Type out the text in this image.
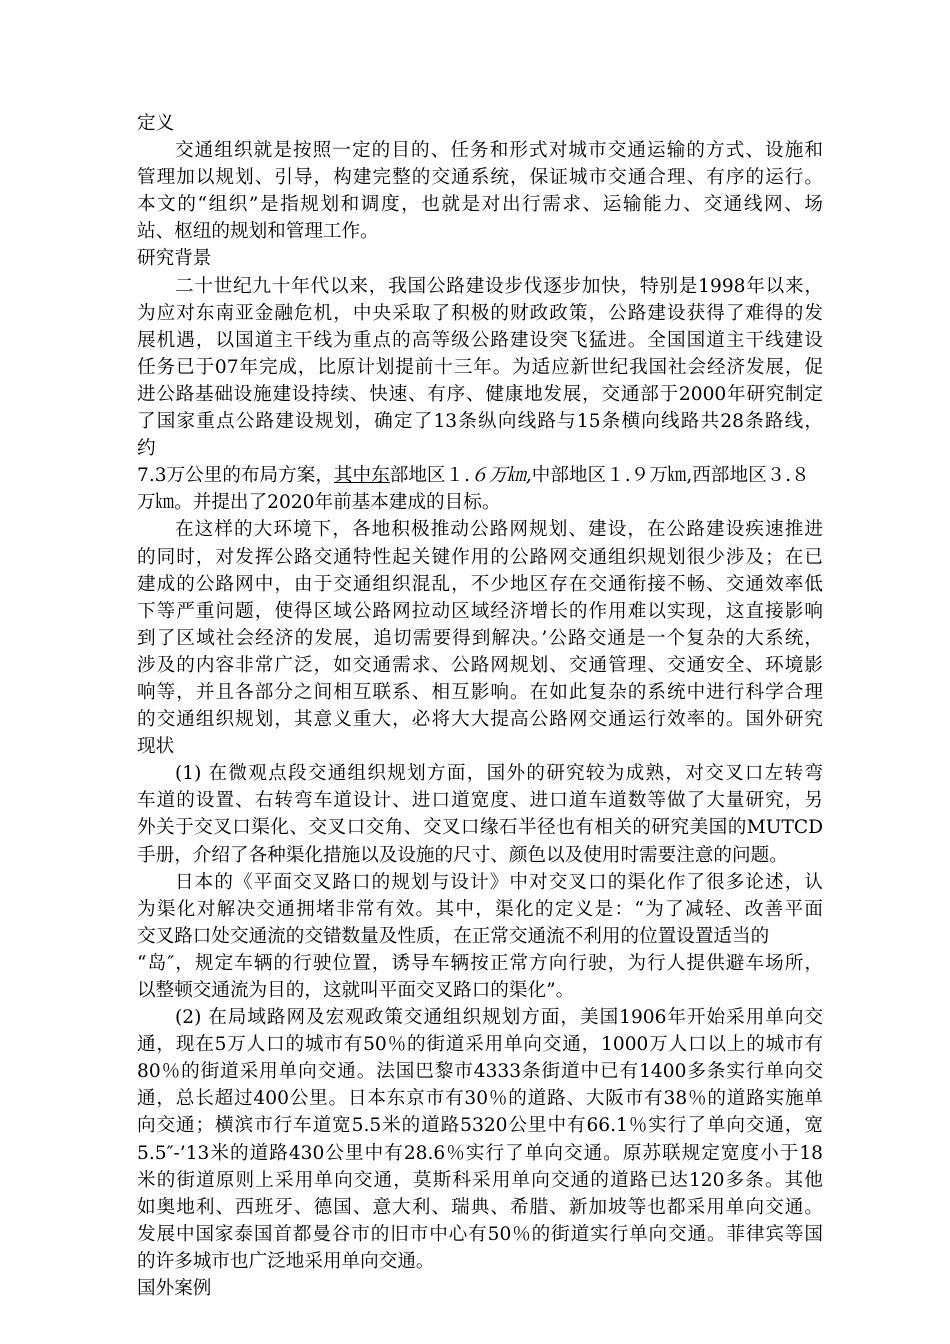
定义
交通组织就是按照一定的目的、任务和形式对城市交通运输的方式、设施和
管理加以规划、引导，构建完整的交通系统，保证城市交通合理、有序的运行。
本文的“组织”是指规划和调度，也就是对出行需求、运输能力、交通线网、场
站、枢纽的规划和管理工作。
研究背景
二十世纪九十年代以来，我国公路建设步伐逐步加快，特别是1998年以来，
为应对东南亚金融危机，中央采取了积极的财政政策，公路建设获得了难得的发
展机遇，以国道主干线为重点的高等级公路建设突飞猛进。全国国道主干线建设
任务已于07年完成，比原计划提前十三年。为适应新世纪我国社会经济发展，促
进公路基础设施建设持续、快速、有序、健康地发展，交通部于2000年研究制定
了国家重点公路建设规划，确定了13条纵向线路与15条横向线路共28条路线，
约
7.3万公里的布局方案，其中东部地区１.６万㎞,中部地区１.９万㎞,西部地区３.８
万㎞。并提出了2020年前基本建成的目标。
在这样的大环境下，各地积极推动公路网规划、建设，在公路建设疾速推进
的同时，对发挥公路交通特性起关键作用的公路网交通组织规划很少涉及；在已
建成的公路网中，由于交通组织混乱，不少地区存在交通衔接不畅、交通效率低
下等严重问题，使得区域公路网拉动区域经济增长的作用难以实现，这直接影响
到了区域社会经济的发展，追切需要得到解决。’公路交通是一个复杂的大系统，
涉及的内容非常广泛，如交通需求、公路网规划、交通管理、交通安全、环境影
响等，并且各部分之间相互联系、相互影响。在如此复杂的系统中进行科学合理
的交通组织规划，其意义重大，必将大大提高公路网交通运行效率的。国外研究
现状
(1) 在微观点段交通组织规划方面，国外的研究较为成熟，对交叉口左转弯
车道的设置、右转弯车道设计、进口道宽度、进口道车道数等做了大量研究，另
外关于交叉口渠化、交叉口交角、交叉口缘石半径也有相关的研究美国的MUTCD
手册，介绍了各种渠化措施以及设施的尺寸、颜色以及使用时需要注意的问题。
日本的《平面交叉路口的规划与设计》中对交叉口的渠化作了很多论述，认
为渠化对解决交通拥堵非常有效。其中，渠化的定义是：“为了减轻、改善平面
交叉路口处交通流的交错数量及性质，在正常交通流不利用的位置设置适当的
“岛″，规定车辆的行驶位置，诱导车辆按正常方向行驶，为行人提供避车场所，
以整顿交通流为目的，这就叫平面交叉路口的渠化”。
(2) 在局域路网及宏观政策交通组织规划方面，美国1906年开始采用单向交
通，现在5万人口的城市有50％的街道采用单向交通，1000万人口以上的城市有
80％的街道采用单向交通。法国巴黎市4333条街道中已有1400多条实行单向交
通，总长超过400公里。日本东京市有30％的道路、大阪市有38％的道路实施单
向交通；横滨市行车道宽5.5米的道路5320公里中有66.1％实行了单向交通，宽
5.5″-’13米的道路430公里中有28.6％实行了单向交通。原苏联规定宽度小于18
米的街道原则上采用单向交通，莫斯科采用单向交通的道路已达120多条。其他
如奥地利、西班牙、德国、意大利、瑞典、希腊、新加坡等也都采用单向交通。
发展中国家泰国首都曼谷市的旧市中心有50％的街道实行单向交通。菲律宾等国
的许多城市也广泛地采用单向交通。
国外案例
